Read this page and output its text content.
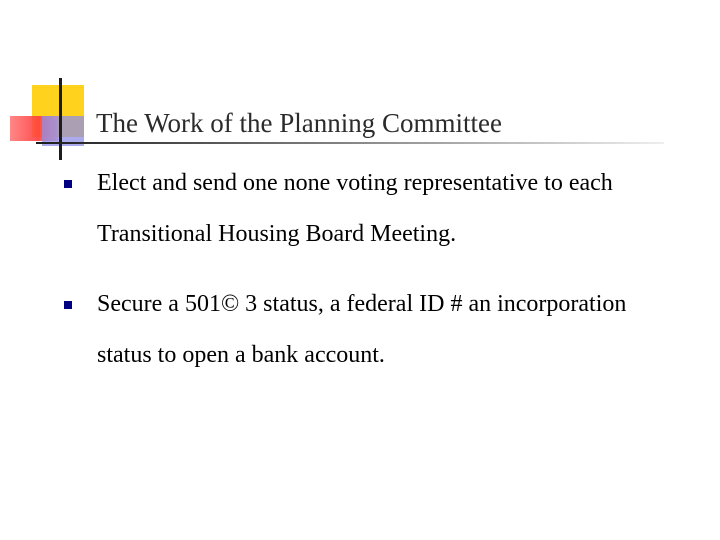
The Work of the Planning Committee
Elect and send one none voting representative to each Transitional Housing Board Meeting.
Secure a 501© 3 status, a federal ID # an incorporation status to open a bank account.
